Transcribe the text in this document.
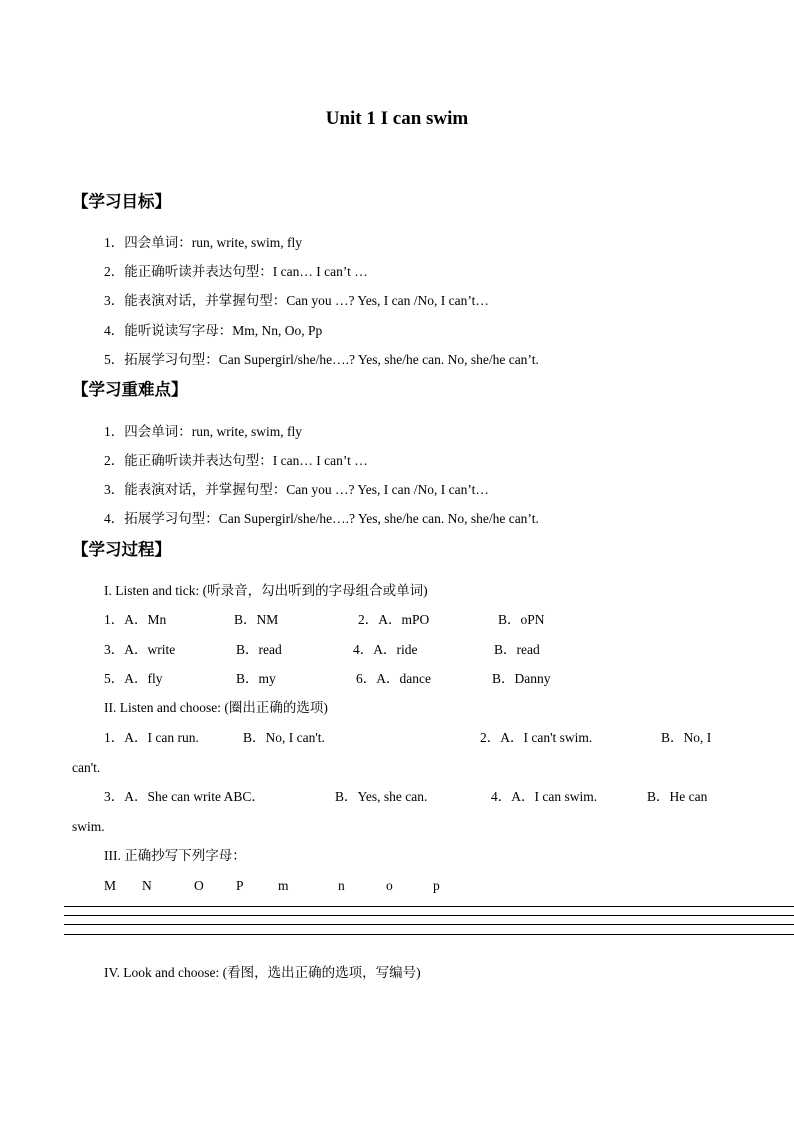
Unit 1 I can swim
【学习目标】
1．四会单词：run, write, swim, fly
2．能正确听读并表达句型：I can… I can’t …
3．能表演对话，并掌握句型：Can you …? Yes, I can /No, I can’t…
4．能听说读写字母：Mm, Nn, Oo, Pp
5．拓展学习句型：Can Supergirl/she/he….? Yes, she/he can. No, she/he can’t.
【学习重难点】
1．四会单词：run, write, swim, fly
2．能正确听读并表达句型：I can… I can’t …
3．能表演对话，并掌握句型：Can you …? Yes, I can /No, I can’t…
4．拓展学习句型：Can Supergirl/she/he….? Yes, she/he can. No, she/he can’t.
【学习过程】
I. Listen and tick: (听录音，勾出听到的字母组合或单词)
1．A．Mn	B．NM	2．A．mPO	B．oPN
3．A．write	B．read	4．A．ride	B．read
5．A．fly	B．my	6．A．dance	B．Danny
II. Listen and choose: (圈出正确的选项)
1．A．I can run.	B．No, I can't.	2．A．I can't swim.	B．No, I
can't.
3．A．She can write ABC．	B．Yes, she can.	4．A．I can swim.	B．He can
swim.
III. 正确抄写下列字母：
M N	O P	m	n	o	p
IV. Look and choose: (看图，选出正确的选项，写编号)
